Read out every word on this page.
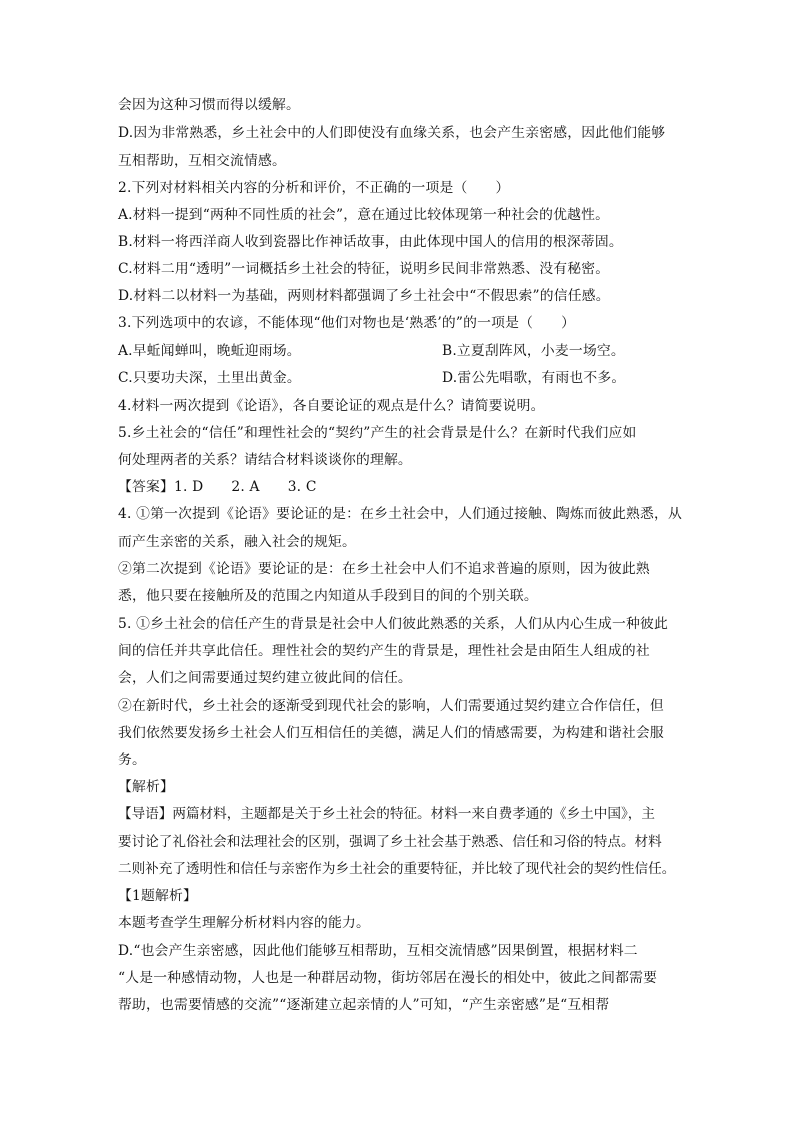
会因为这种习惯而得以缓解。
D.因为非常熟悉，乡土社会中的人们即使没有血缘关系，也会产生亲密感，因此他们能够
互相帮助，互相交流情感。
2.下列对材料相关内容的分析和评价，不正确的一项是（　　）
A.材料一提到“两种不同性质的社会”，意在通过比较体现第一种社会的优越性。
B.材料一将西洋商人收到瓷器比作神话故事，由此体现中国人的信用的根深蒂固。
C.材料二用“透明”一词概括乡土社会的特征，说明乡民间非常熟悉、没有秘密。
D.材料二以材料一为基础，两则材料都强调了乡土社会中“不假思索”的信任感。
3.下列选项中的农谚，不能体现“他们对物也是‘熟悉’的”的一项是（　　）
A.早蚯闻蝉叫，晚蚯迎雨场。	B.立夏刮阵风，小麦一场空。
C.只要功夫深，土里出黄金。	D.雷公先唱歌，有雨也不多。
4.材料一两次提到《论语》，各自要论证的观点是什么？请简要说明。
5.乡土社会的“信任”和理性社会的“契约”产生的社会背景是什么？在新时代我们应如
何处理两者的关系？请结合材料谈谈你的理解。
【答案】1. D　　2. A　　3. C
4. ①第一次提到《论语》要论证的是：在乡土社会中，人们通过接触、陶炼而彼此熟悉，从
而产生亲密的关系，融入社会的规矩。
②第二次提到《论语》要论证的是：在乡土社会中人们不追求普遍的原则，因为彼此熟
悉，他只要在接触所及的范围之内知道从手段到目的间的个别关联。
5. ①乡土社会的信任产生的背景是社会中人们彼此熟悉的关系，人们从内心生成一种彼此
间的信任并共享此信任。理性社会的契约产生的背景是，理性社会是由陌生人组成的社
会，人们之间需要通过契约建立彼此间的信任。
②在新时代，乡土社会的逐渐受到现代社会的影响，人们需要通过契约建立合作信任，但
我们依然要发扬乡土社会人们互相信任的美德，满足人们的情感需要，为构建和谐社会服
务。
【解析】
【导语】两篇材料，主题都是关于乡土社会的特征。材料一来自费孝通的《乡土中国》，主
要讨论了礼俗社会和法理社会的区别，强调了乡土社会基于熟悉、信任和习俗的特点。材料
二则补充了透明性和信任与亲密作为乡土社会的重要特征，并比较了现代社会的契约性信任。
【1题解析】
本题考查学生理解分析材料内容的能力。
D.“也会产生亲密感，因此他们能够互相帮助，互相交流情感”因果倒置，根据材料二
“人是一种感情动物，人也是一种群居动物，街坊邻居在漫长的相处中，彼此之间都需要
帮助，也需要情感的交流”“逐渐建立起亲情的人”可知，“产生亲密感”是“互相帮
